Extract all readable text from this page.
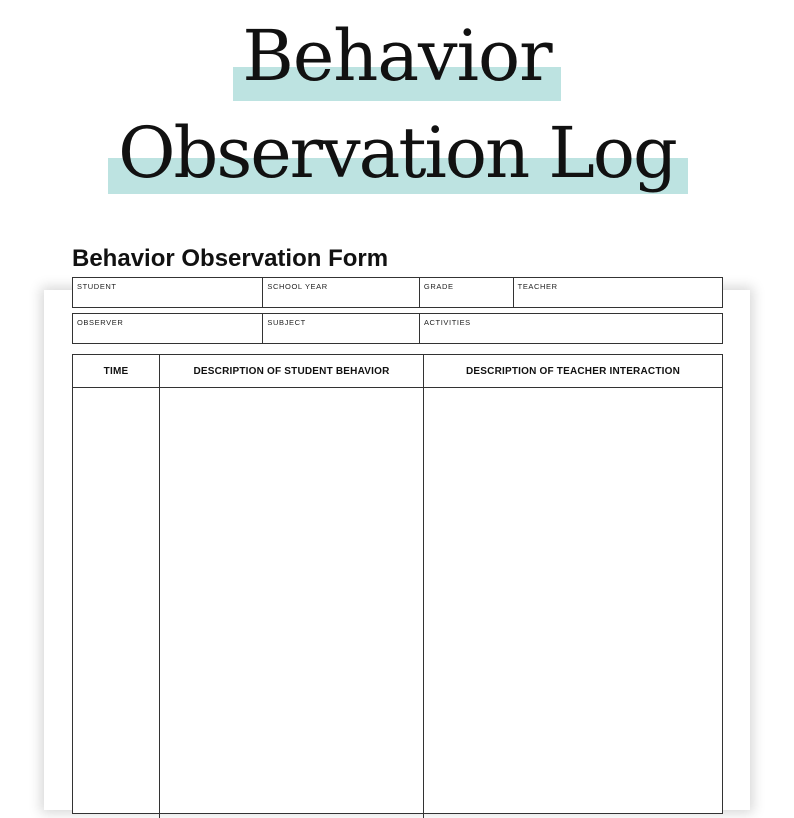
Behavior
Observation Log
Behavior Observation Form
STUDENT	SCHOOL YEAR	GRADE	TEACHER
OBSERVER	SUBJECT	ACTIVITIES
TIME	DESCRIPTION OF STUDENT BEHAVIOR	DESCRIPTION OF TEACHER INTERACTION
